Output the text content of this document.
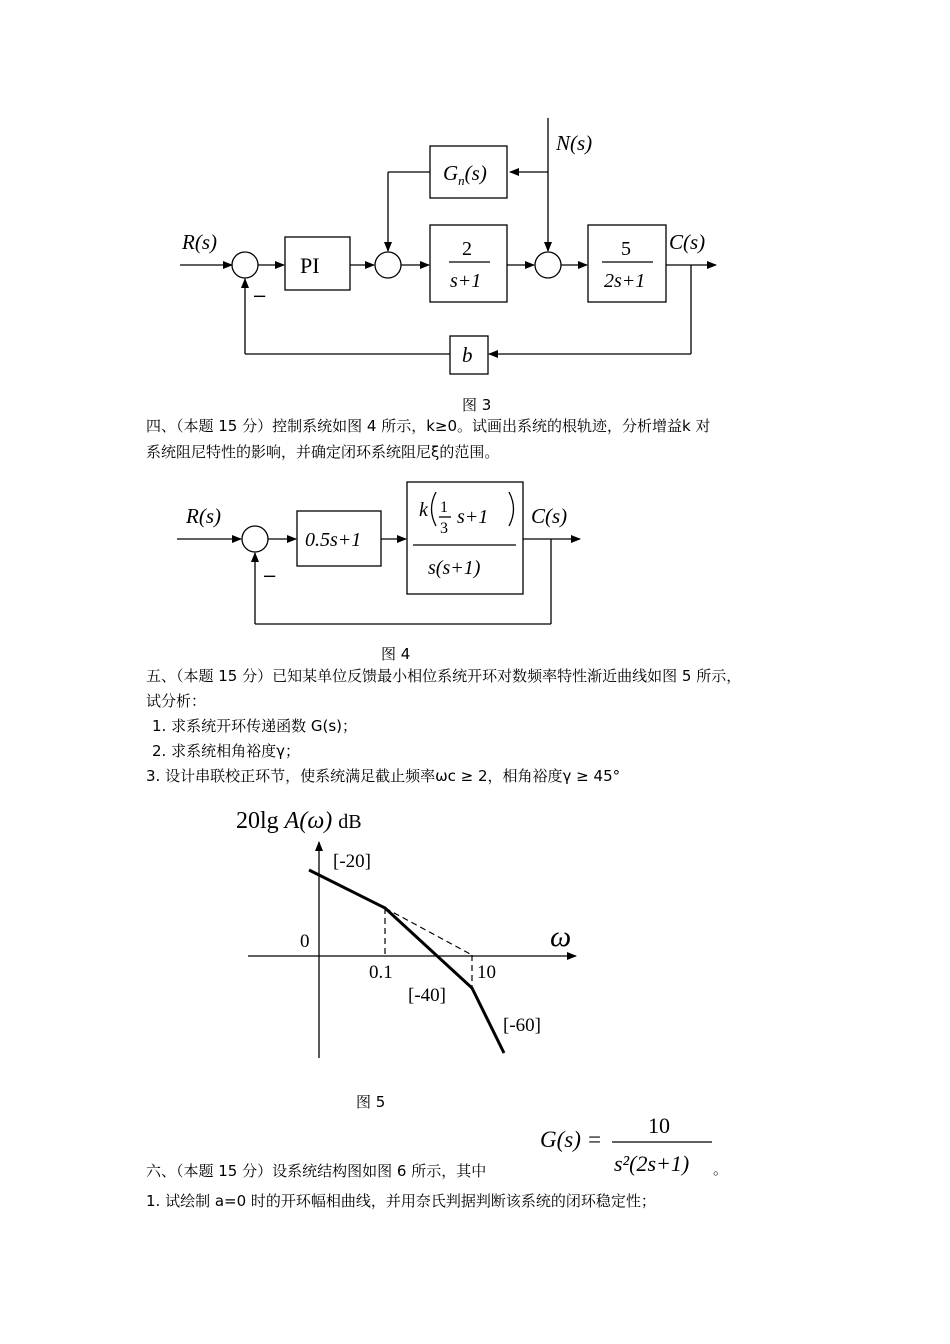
R(s)	C(s)
N(s)
PI
$G_n(s)$
2
s+1
5
2s+1
b
−
R(s)	C(s)
0.5s+1
k 1
3
s+1
s(s+1)
−
20lg A(ω) dB
ω
0
0.1	10
[-20]
[-40]
[-60]
G(s) =
10
s²(2s+1) 。
图 3
四、（本题 15 分）控制系统如图 4 所示，k≥0。试画出系统的根轨迹，分析增益k 对
系统阻尼特性的影响，并确定闭环系统阻尼ξ的范围。
图 4
五、（本题 15 分）已知某单位反馈最小相位系统开环对数频率特性渐近曲线如图 5 所示，
试分析：
1. 求系统开环传递函数 G(s)；
2. 求系统相角裕度γ；
3. 设计串联校正环节，使系统满足截止频率ωc ≥ 2，相角裕度γ ≥ 45°
图 5
六、（本题 15 分）设系统结构图如图 6 所示，其中
1. 试绘制 a=0 时的开环幅相曲线，并用奈氏判据判断该系统的闭环稳定性；
